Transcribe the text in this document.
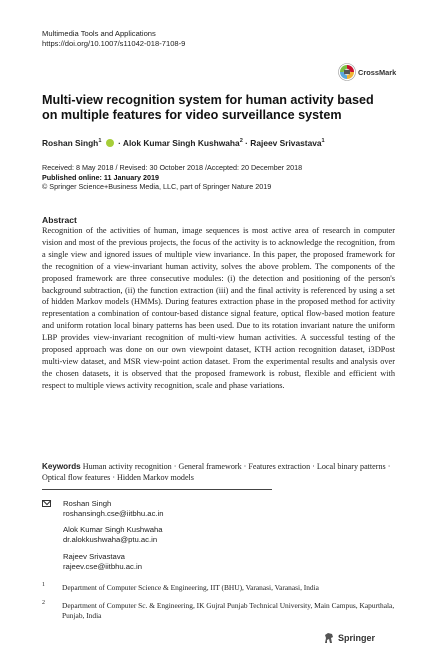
Multimedia Tools and Applications
https://doi.org/10.1007/s11042-018-7108-9
CrossMark
Multi-view recognition system for human activity based on multiple features for video surveillance system
Roshan Singh$^1$ · Alok Kumar Singh Kushwaha$^2$ · Rajeev Srivastava$^1$
Received: 8 May 2018 / Revised: 30 October 2018 /Accepted: 20 December 2018
Published online: 11 January 2019
© Springer Science+Business Media, LLC, part of Springer Nature 2019
Abstract
Recognition of the activities of human, image sequences is most active area of research in computer vision and most of the previous projects, the focus of the activity is to acknowledge the recognition, from a single view and ignored issues of multiple view invariance. In this paper, the proposed framework for the recognition of a view-invariant human activity, solves the above problem. The components of the proposed framework are three consecutive modules: (i) the detection and positioning of the person's background subtraction, (ii) the function extraction (iii) and the final activity is referenced by using a set of hidden Markov models (HMMs). During features extraction phase in the proposed method for activity representation a combination of contour-based distance signal feature, optical flow-based motion feature and uniform rotation local binary patterns has been used. Due to its rotation invariant nature the uniform LBP provides view-invariant recognition of multi-view human activities. A successful testing of the proposed approach was done on our own viewpoint dataset, KTH action recognition dataset, i3DPost multi-view dataset, and MSR view-point action dataset. From the experimental results and analysis over the chosen datasets, it is observed that the proposed framework is robust, flexible and efficient with respect to multiple views activity recognition, scale and phase variations.
Keywords Human activity recognition · General framework · Features extraction · Local binary patterns · Optical flow features · Hidden Markov models
Roshan Singh
roshansingh.cse@iitbhu.ac.in
Alok Kumar Singh Kushwaha
dr.alokkushwaha@ptu.ac.in
Rajeev Srivastava
rajeev.cse@iitbhu.ac.in
1 Department of Computer Science & Engineering, IIT (BHU), Varanasi, Varanasi, India
2 Department of Computer Sc. & Engineering, IK Gujral Punjab Technical University, Main Campus, Kapurthala, Punjab, India
Springer
